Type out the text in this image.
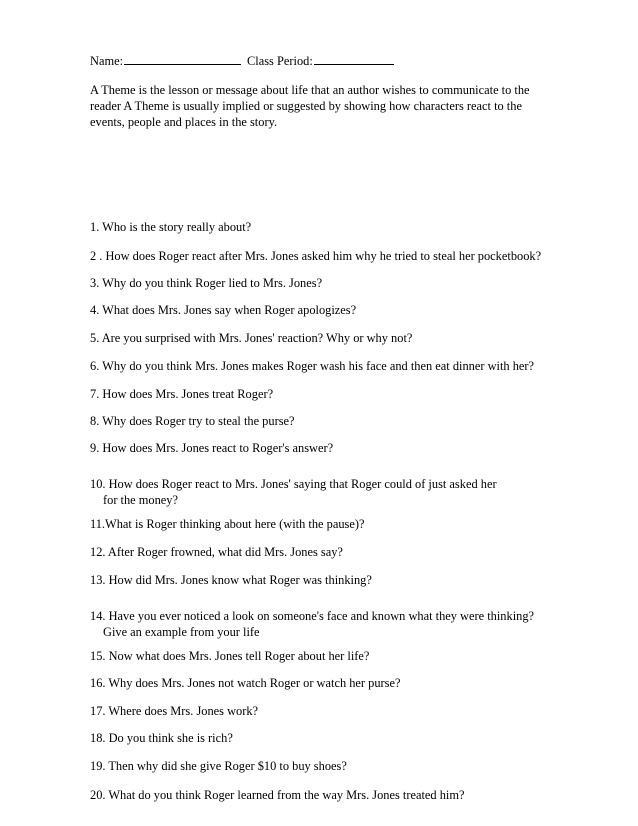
Name:	Class Period:
A Theme is the lesson or message about life that an author wishes to communicate to the
reader A Theme is usually implied or suggested by showing how characters react to the
events, people and places in the story.
1. Who is the story really about?
2 . How does Roger react after Mrs. Jones asked him why he tried to steal her pocketbook?
3. Why do you think Roger lied to Mrs. Jones?
4. What does Mrs. Jones say when Roger apologizes?
5. Are you surprised with Mrs. Jones' reaction? Why or why not?
6. Why do you think Mrs. Jones makes Roger wash his face and then eat dinner with her?
7. How does Mrs. Jones treat Roger?
8. Why does Roger try to steal the purse?
9. How does Mrs. Jones react to Roger's answer?
10. How does Roger react to Mrs. Jones' saying that Roger could of just asked her
for the money?
11.What is Roger thinking about here (with the pause)?
12. After Roger frowned, what did Mrs. Jones say?
13. How did Mrs. Jones know what Roger was thinking?
14. Have you ever noticed a look on someone's face and known what they were thinking?
Give an example from your life
15. Now what does Mrs. Jones tell Roger about her life?
16. Why does Mrs. Jones not watch Roger or watch her purse?
17. Where does Mrs. Jones work?
18. Do you think she is rich?
19. Then why did she give Roger $10 to buy shoes?
20. What do you think Roger learned from the way Mrs. Jones treated him?
